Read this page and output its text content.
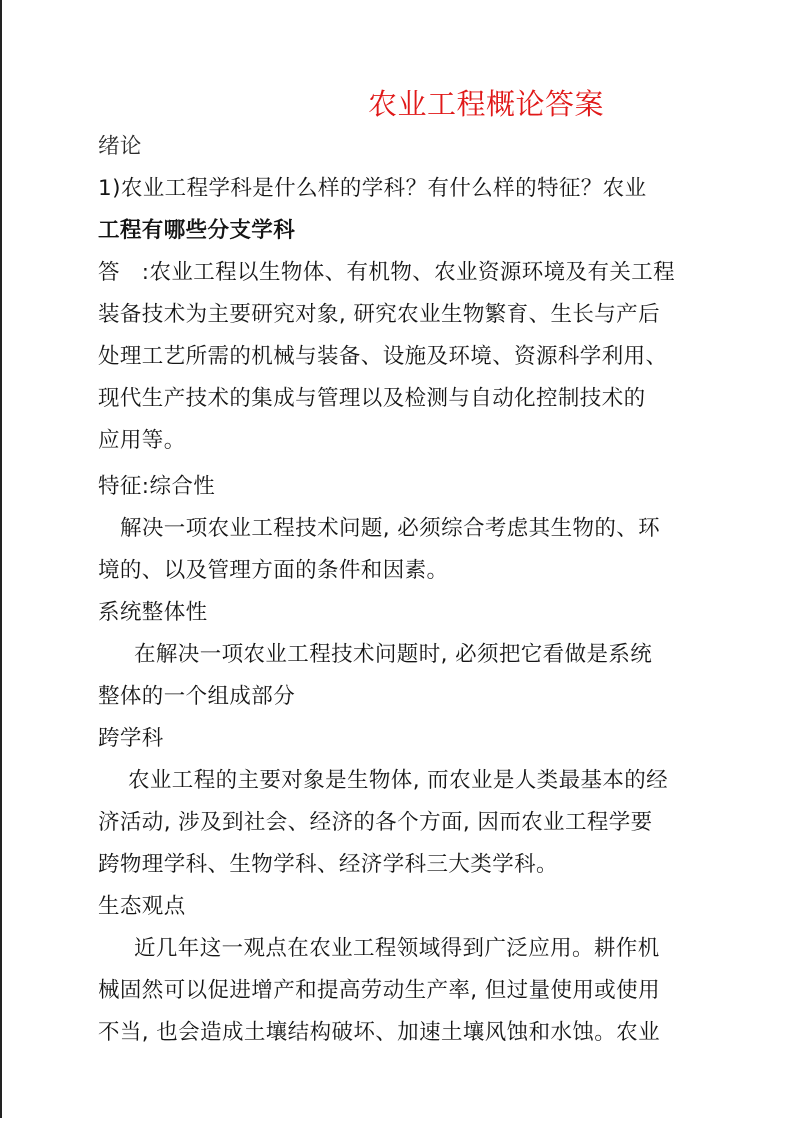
农业工程概论答案
绪论
1)农业工程学科是什么样的学科？有什么样的特征？农业
工程有哪些分支学科
答　:农业工程以生物体、有机物、农业资源环境及有关工程
装备技术为主要研究对象, 研究农业生物繁育、生长与产后
处理工艺所需的机械与装备、设施及环境、资源科学利用、
现代生产技术的集成与管理以及检测与自动化控制技术的
应用等。
特征:综合性
解决一项农业工程技术问题, 必须综合考虑其生物的、环
境的、以及管理方面的条件和因素。
系统整体性
在解决一项农业工程技术问题时, 必须把它看做是系统
整体的一个组成部分
跨学科
农业工程的主要对象是生物体, 而农业是人类最基本的经
济活动, 涉及到社会、经济的各个方面, 因而农业工程学要
跨物理学科、生物学科、经济学科三大类学科。
生态观点
近几年这一观点在农业工程领域得到广泛应用。耕作机
械固然可以促进增产和提高劳动生产率, 但过量使用或使用
不当, 也会造成土壤结构破坏、加速土壤风蚀和水蚀。农业
